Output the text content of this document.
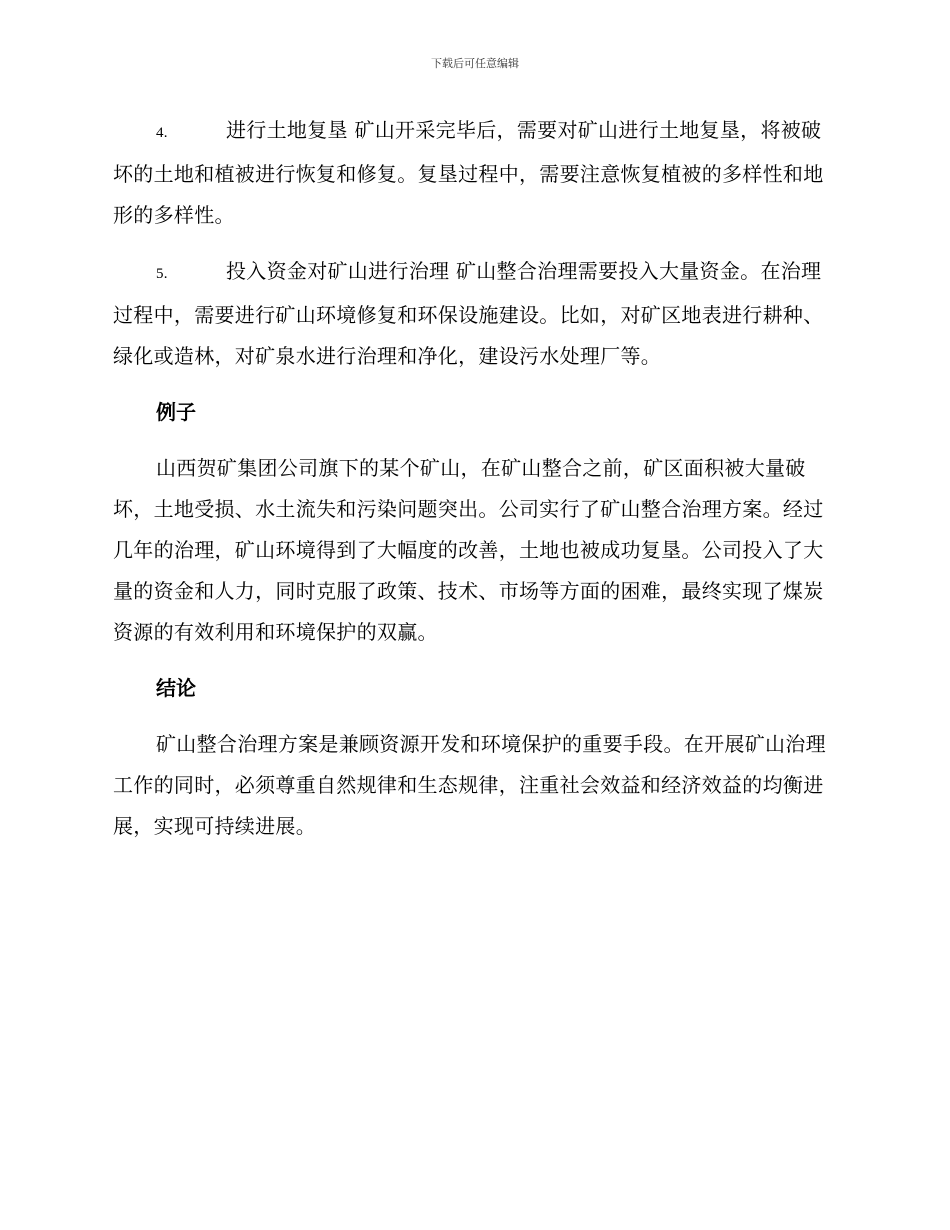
下载后可任意编辑

4.	进行土地复垦 矿山开采完毕后，需要对矿山进行土地复垦，将被破坏的土地和植被进行恢复和修复。复垦过程中，需要注意恢复植被的多样性和地形的多样性。

5.	投入资金对矿山进行治理 矿山整合治理需要投入大量资金。在治理过程中，需要进行矿山环境修复和环保设施建设。比如，对矿区地表进行耕种、绿化或造林，对矿泉水进行治理和净化，建设污水处理厂等。

例子

山西贺矿集团公司旗下的某个矿山，在矿山整合之前，矿区面积被大量破坏，土地受损、水土流失和污染问题突出。公司实行了矿山整合治理方案。经过几年的治理，矿山环境得到了大幅度的改善，土地也被成功复垦。公司投入了大量的资金和人力，同时克服了政策、技术、市场等方面的困难，最终实现了煤炭资源的有效利用和环境保护的双赢。

结论

矿山整合治理方案是兼顾资源开发和环境保护的重要手段。在开展矿山治理工作的同时，必须尊重自然规律和生态规律，注重社会效益和经济效益的均衡进展，实现可持续进展。
